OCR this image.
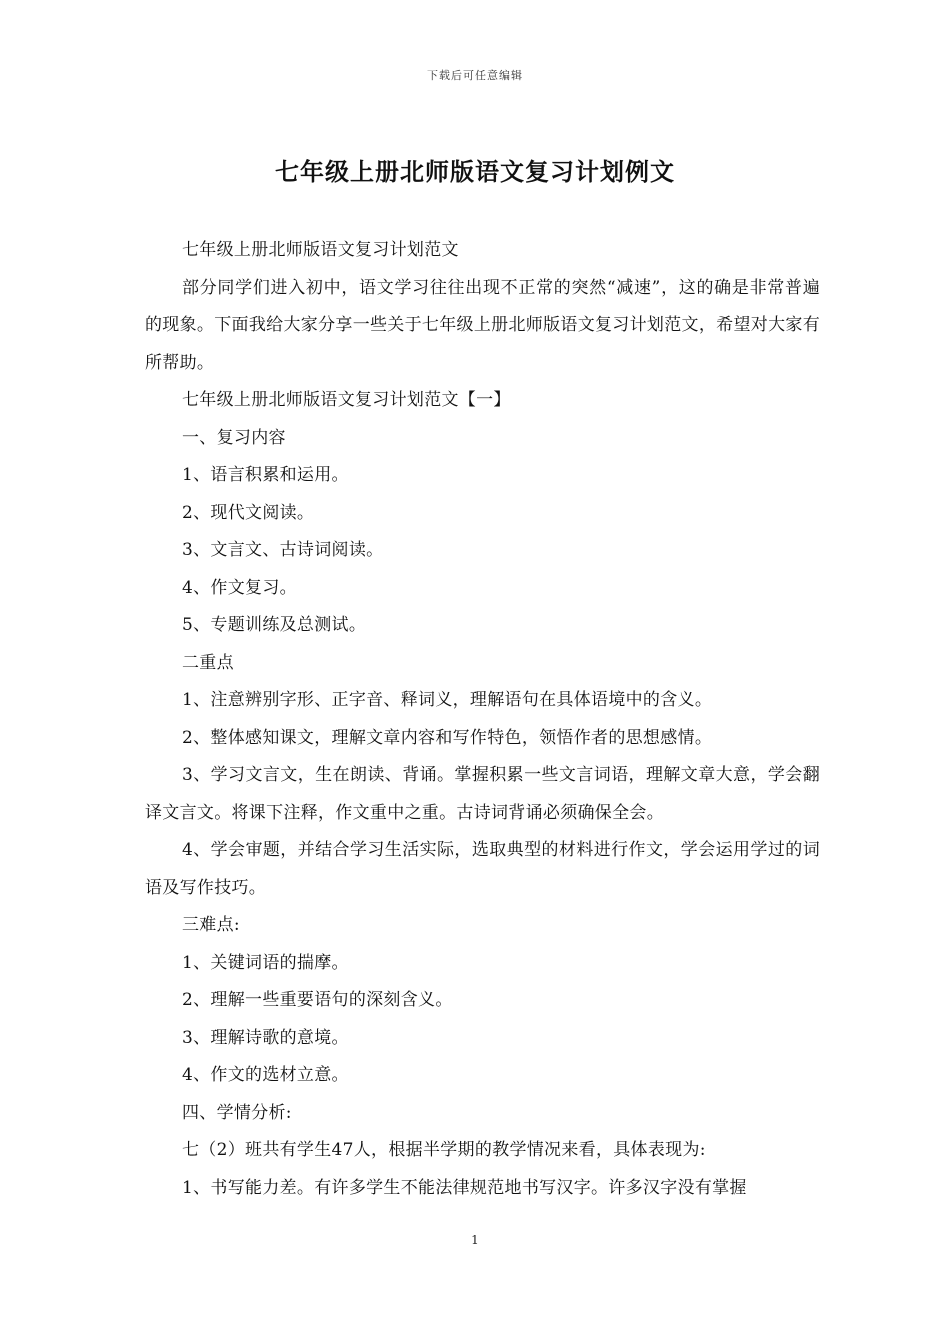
下载后可任意编辑
七年级上册北师版语文复习计划例文

七年级上册北师版语文复习计划范文

部分同学们进入初中，语文学习往往出现不正常的突然“减速”，这的确是非常普遍的现象。下面我给大家分享一些关于七年级上册北师版语文复习计划范文，希望对大家有所帮助。

七年级上册北师版语文复习计划范文【一】

一、复习内容

1、语言积累和运用。

2、现代文阅读。

3、文言文、古诗词阅读。

4、作文复习。

5、专题训练及总测试。

二重点

1、注意辨别字形、正字音、释词义，理解语句在具体语境中的含义。

2、整体感知课文，理解文章内容和写作特色，领悟作者的思想感情。

3、学习文言文，生在朗读、背诵。掌握积累一些文言词语，理解文章大意，学会翻译文言文。将课下注释，作文重中之重。古诗词背诵必须确保全会。

4、学会审题，并结合学习生活实际，选取典型的材料进行作文，学会运用学过的词语及写作技巧。

三难点:

1、关键词语的揣摩。

2、理解一些重要语句的深刻含义。

3、理解诗歌的意境。

4、作文的选材立意。

四、学情分析:

七（2）班共有学生47人，根据半学期的教学情况来看，具体表现为:

1、书写能力差。有许多学生不能法律规范地书写汉字。许多汉字没有掌握

1
